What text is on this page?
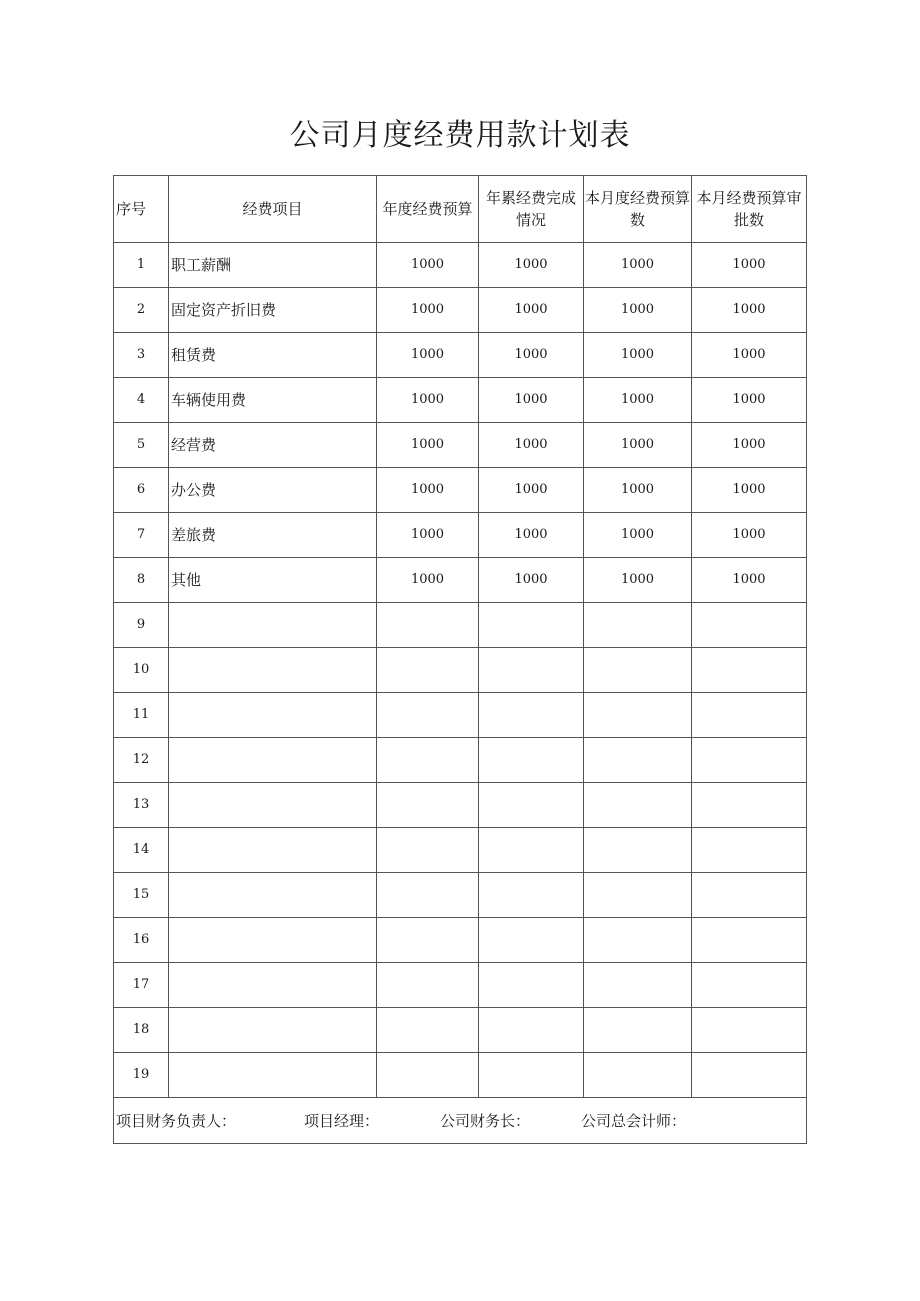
公司月度经费用款计划表
序号	经费项目	年度经费预算	年累经费完成情况	本月度经费预算数	本月经费预算审批数
1	职工薪酬	1000	1000	1000	1000
2	固定资产折旧费	1000	1000	1000	1000
3	租赁费	1000	1000	1000	1000
4	车辆使用费	1000	1000	1000	1000
5	经营费	1000	1000	1000	1000
6	办公费	1000	1000	1000	1000
7	差旅费	1000	1000	1000	1000
8	其他	1000	1000	1000	1000
9					
10					
11					
12					
13					
14					
15					
16					
17					
18					
19					
项目财务负责人： 项目经理： 公司财务长： 公司总会计师：					
